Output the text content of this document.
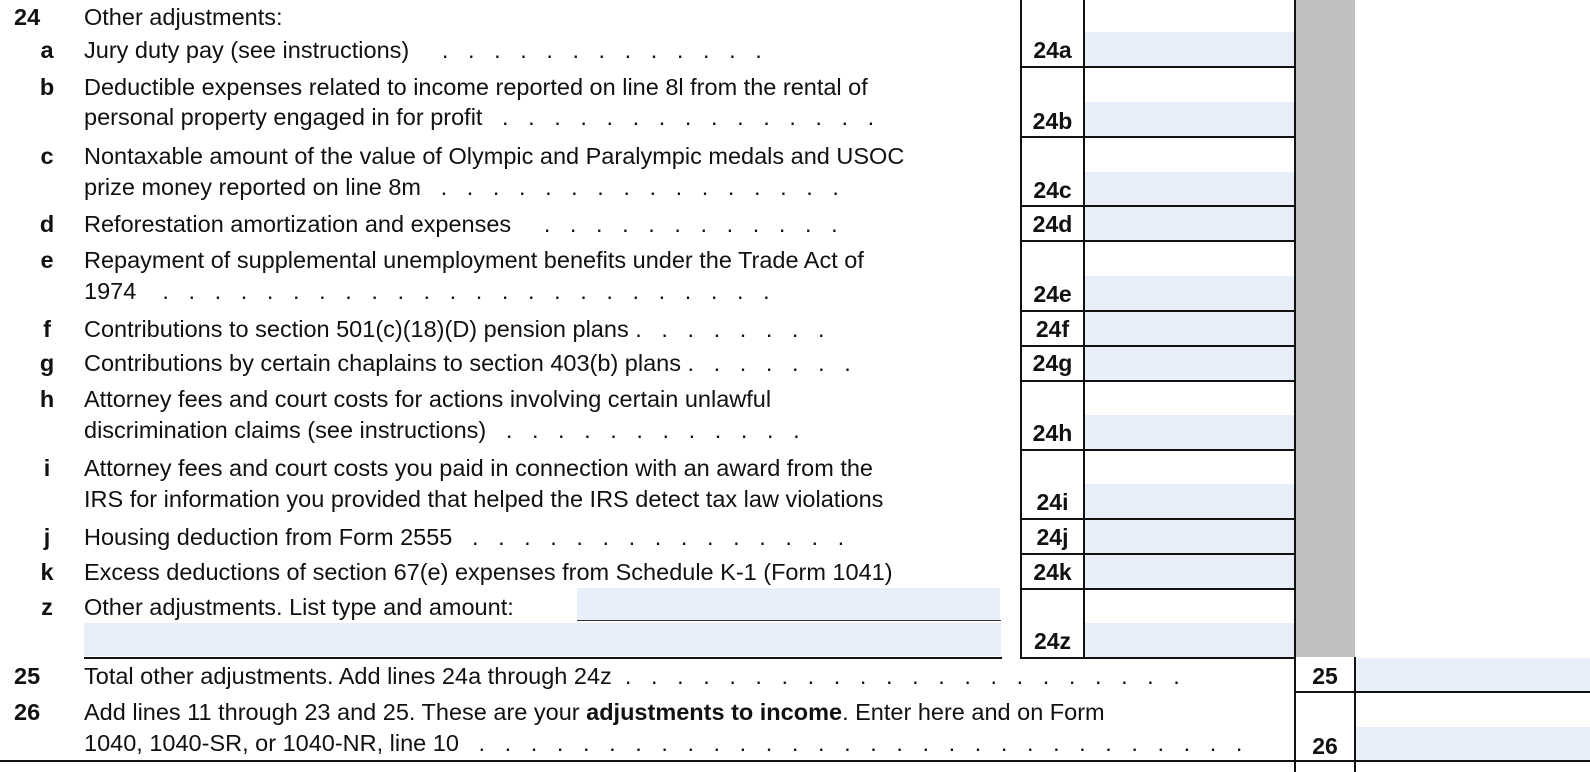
24 Other adjustments:
a	Jury duty pay (see instructions)     .   .   .   .   .   .   .   .   .   .   .   .   .	24a
b	Deductible expenses related to income reported on line 8l from the rental of
personal property engaged in for profit   .   .   .   .   .   .   .   .   .   .   .   .   .   .   .	24b
c	Nontaxable amount of the value of Olympic and Paralympic medals and USOC
prize money reported on line 8m   .   .   .   .   .   .   .   .   .   .   .   .   .   .   .   .	24c
d	Reforestation amortization and expenses     .   .   .   .   .   .   .   .   .   .   .   .	24d
e	Repayment of supplemental unemployment benefits under the Trade Act of
1974    .   .   .   .   .   .   .   .   .   .   .   .   .   .   .   .   .   .   .   .   .   .   .   .	24e
f	Contributions to section 501(c)(18)(D) pension plans .   .   .   .   .   .   .   .	24f
g	Contributions by certain chaplains to section 403(b) plans .   .   .   .   .   .   .	24g
h	Attorney fees and court costs for actions involving certain unlawful
discrimination claims (see instructions)   .   .   .   .   .   .   .   .   .   .   .   .	24h
i	Attorney fees and court costs you paid in connection with an award from the
IRS for information you provided that helped the IRS detect tax law violations	24i
j	Housing deduction from Form 2555   .   .   .   .   .   .   .   .   .   .   .   .   .   .   .	24j
k	Excess deductions of section 67(e) expenses from Schedule K-1 (Form 1041)	24k
z	Other adjustments. List type and amount:
24z
25 Total other adjustments. Add lines 24a through 24z  .   .   .   .   .   .   .   .   .   .   .   .   .   .   .   .   .   .   .   .   .   .	25
26 Add lines 11 through 23 and 25. These are your adjustments to income. Enter here and on Form
1040, 1040-SR, or 1040-NR, line 10   .   .   .   .   .   .   .   .   .   .   .   .   .   .   .   .   .   .   .   .   .   .   .   .   .   .   .   .   .   .	26
